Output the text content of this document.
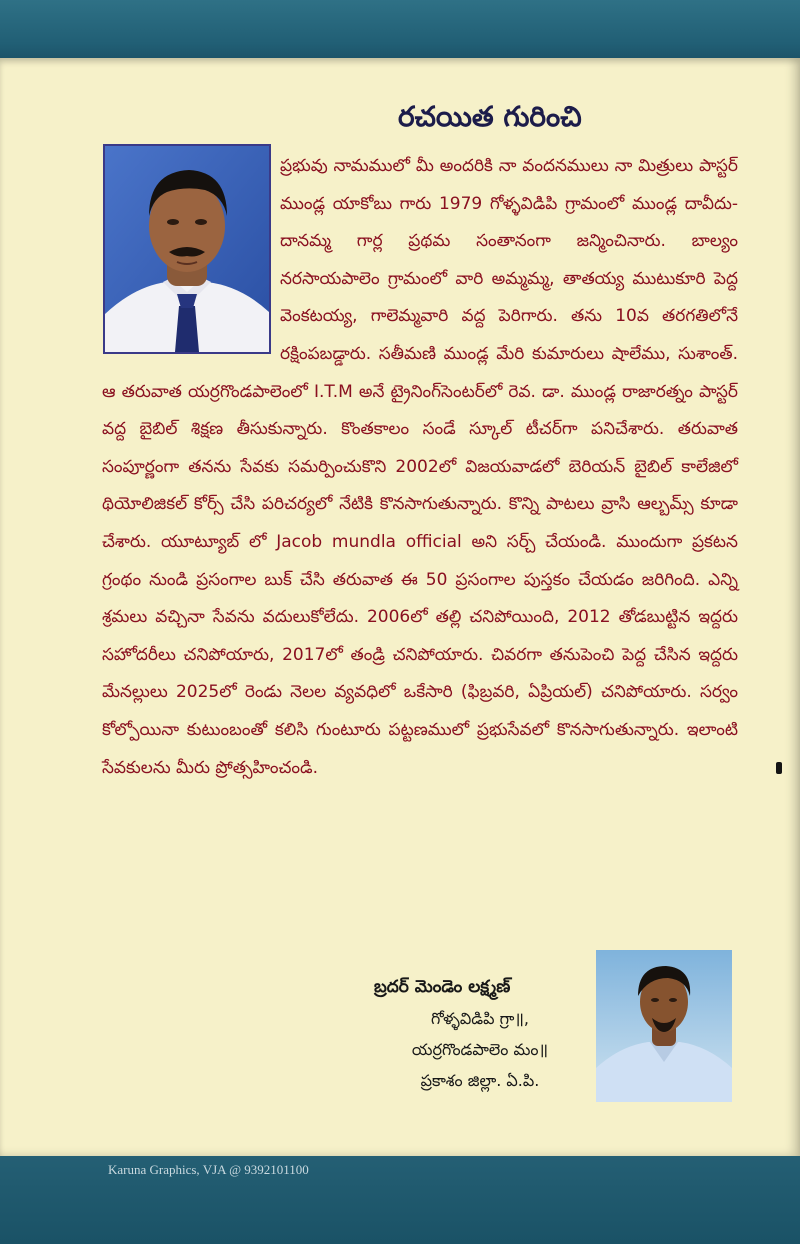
రచయిత గురించి

ప్రభువు నామములో మీ అందరికి నా వందనములు నా మిత్రులు పాస్టర్ ముండ్ల యాకోబు గారు 1979 గోళ్ళవిడిపి గ్రామంలో ముండ్ల దావీదు-దానమ్మ గార్ల ప్రథమ సంతానంగా జన్మించినారు. బాల్యం నరసాయపాలెం గ్రామంలో వారి అమ్మమ్మ, తాతయ్య ముటుకూరి పెద్ద వెంకటయ్య, గాలెమ్మవారి వద్ద పెరిగారు. తను 10వ తరగతిలోనే రక్షింపబడ్డారు. సతీమణి ముండ్ల మేరి కుమారులు షాలేము, సుశాంత్. ఆ తరువాత యర్రగొండపాలెంలో I.T.M అనే ట్రైనింగ్‌సెంటర్‌లో రెవ. డా. ముండ్ల రాజారత్నం పాస్టర్ వద్ద బైబిల్ శిక్షణ తీసుకున్నారు. కొంతకాలం సండే స్కూల్ టీచర్‌గా పనిచేశారు. తరువాత సంపూర్ణంగా తనను సేవకు సమర్పించుకొని 2002లో విజయవాడలో బెరియన్ బైబిల్ కాలేజిలో థియోలిజికల్ కోర్స్ చేసి పరిచర్యలో నేటికి కొనసాగుతున్నారు. కొన్ని పాటలు వ్రాసి ఆల్బమ్స్ కూడా చేశారు. యూట్యూబ్ లో Jacob mundla official అని సర్చ్ చేయండి. ముందుగా ప్రకటన గ్రంథం నుండి ప్రసంగాల బుక్ చేసి తరువాత ఈ 50 ప్రసంగాల పుస్తకం చేయడం జరిగింది. ఎన్ని శ్రమలు వచ్చినా సేవను వదులుకోలేదు. 2006లో తల్లి చనిపోయింది, 2012 తోడబుట్టిన ఇద్దరు సహోదరీలు చనిపోయారు, 2017లో తండ్రి చనిపోయారు. చివరగా తనుపెంచి పెద్ద చేసిన ఇద్దరు మేనల్లులు 2025లో రెండు నెలల వ్యవధిలో ఒకేసారి (ఫిబ్రవరి, ఏప్రియల్) చనిపోయారు. సర్వం కోల్పోయినా కుటుంబంతో కలిసి గుంటూరు పట్టణములో ప్రభుసేవలో కొనసాగుతున్నారు. ఇలాంటి సేవకులను మీరు ప్రోత్సహించండి.

బ్రదర్ మెండెం లక్ష్మణ్
గోళ్ళవిడిపి గ్రా॥,
యర్రగొండపాలెం మం॥
ప్రకాశం జిల్లా. ఏ.పి.
Karuna Graphics, VJA @ 9392101100
